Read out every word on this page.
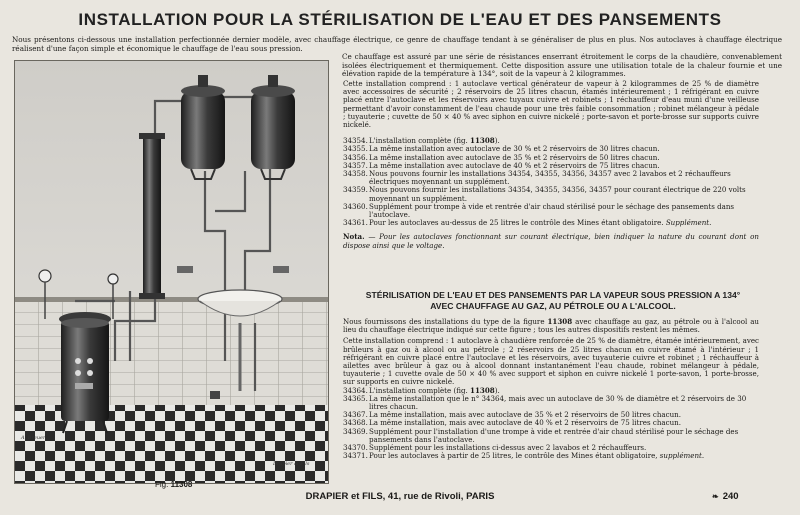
INSTALLATION POUR LA STÉRILISATION DE L'EAU ET DES PANSEMENTS
Nous présentons ci-dessous une installation perfectionnée dernier modèle, avec chauffage électrique, ce genre de chauffage tendant à se généraliser de plus en plus. Nos autoclaves à chauffage électrique réalisent d'une façon simple et économique le chauffage de l'eau sous pression.
Ce chauffage est assuré par une série de résistances enserrant étroitement le corps de la chaudière, convenablement isolées électriquement et thermiquement. Cette disposition assure une utilisation totale de la chaleur fournie et une élévation rapide de la température à 134°, soit de la vapeur à 2 kilogrammes.
A. Breuer
Drapier & Fils
Fig. 11308
Cette installation comprend : 1 autoclave vertical générateur de vapeur à 2 kilogrammes de 25 % de diamètre avec accessoires de sécurité ; 2 réservoirs de 25 litres chacun, étamés intérieurement ; 1 réfrigérant en cuivre placé entre l'autoclave et les réservoirs avec tuyaux cuivre et robinets ; 1 réchauffeur d'eau muni d'une veilleuse permettant d'avoir constamment de l'eau chaude pour une très faible consommation ; robinet mélangeur à pédale ; tuyauterie ; cuvette de 50 × 40 % avec siphon en cuivre nickelé ; porte-savon et porte-brosse sur supports cuivre nickelé.
34354. L'installation complète (fig. 11308).
34355. La même installation avec autoclave de 30 % et 2 réservoirs de 30 litres chacun.
34356. La même installation avec autoclave de 35 % et 2 réservoirs de 50 litres chacun.
34357. La même installation avec autoclave de 40 % et 2 réservoirs de 75 litres chacun.
34358. Nous pouvons fournir les installations 34354, 34355, 34356, 34357 avec 2 lavabos et 2 réchauffeurs électriques moyennant un supplément.
34359. Nous pouvons fournir les installations 34354, 34355, 34356, 34357 pour courant électrique de 220 volts moyennant un supplément.
34360. Supplément pour trompe à vide et rentrée d'air chaud stérilisé pour le séchage des pansements dans l'autoclave.
34361. Pour les autoclaves au-dessus de 25 litres le contrôle des Mines étant obligatoire. Supplément.
Nota. — Pour les autoclaves fonctionnant sur courant électrique, bien indiquer la nature du courant dont on dispose ainsi que le voltage.
STÉRILISATION DE L'EAU ET DES PANSEMENTS PAR LA VAPEUR SOUS PRESSION A 134°
AVEC CHAUFFAGE AU GAZ, AU PÉTROLE OU A L'ALCOOL.
Nous fournissons des installations du type de la figure 11308 avec chauffage au gaz, au pétrole ou à l'alcool au lieu du chauffage électrique indiqué sur cette figure ; tous les autres dispositifs restent les mêmes.
Cette installation comprend : 1 autoclave à chaudière renforcée de 25 % de diamètre, étamée intérieurement, avec brûleurs à gaz ou à alcool ou au pétrole ; 2 réservoirs de 25 litres chacun en cuivre étamé à l'intérieur ; 1 réfrigérant en cuivre placé entre l'autoclave et les réservoirs, avec tuyauterie cuivre et robinet ; 1 réchauffeur à ailettes avec brûleur à gaz ou à alcool donnant instantanément l'eau chaude, robinet mélangeur à pédale, tuyauterie ; 1 cuvette ovale de 50 × 40 % avec support et siphon en cuivre nickelé 1 porte-savon, 1 porte-brosse, sur supports en cuivre nickelé.
34364. L'installation complète (fig. 11308).
34365. La même installation que le n° 34364, mais avec un autoclave de 30 % de diamètre et 2 réservoirs de 30 litres chacun.
34367. La même installation, mais avec autoclave de 35 % et 2 réservoirs de 50 litres chacun.
34368. La même installation, mais avec autoclave de 40 % et 2 réservoirs de 75 litres chacun.
34369. Supplément pour l'installation d'une trompe à vide et rentrée d'air chaud stérilisé pour le séchage des pansements dans l'autoclave.
34370. Supplément pour les installations ci-dessus avec 2 lavabos et 2 réchauffeurs.
34371. Pour les autoclaves à partir de 25 litres, le contrôle des Mines étant obligatoire, supplément.
DRAPIER et FILS, 41, rue de Rivoli, PARIS	❧ 240
